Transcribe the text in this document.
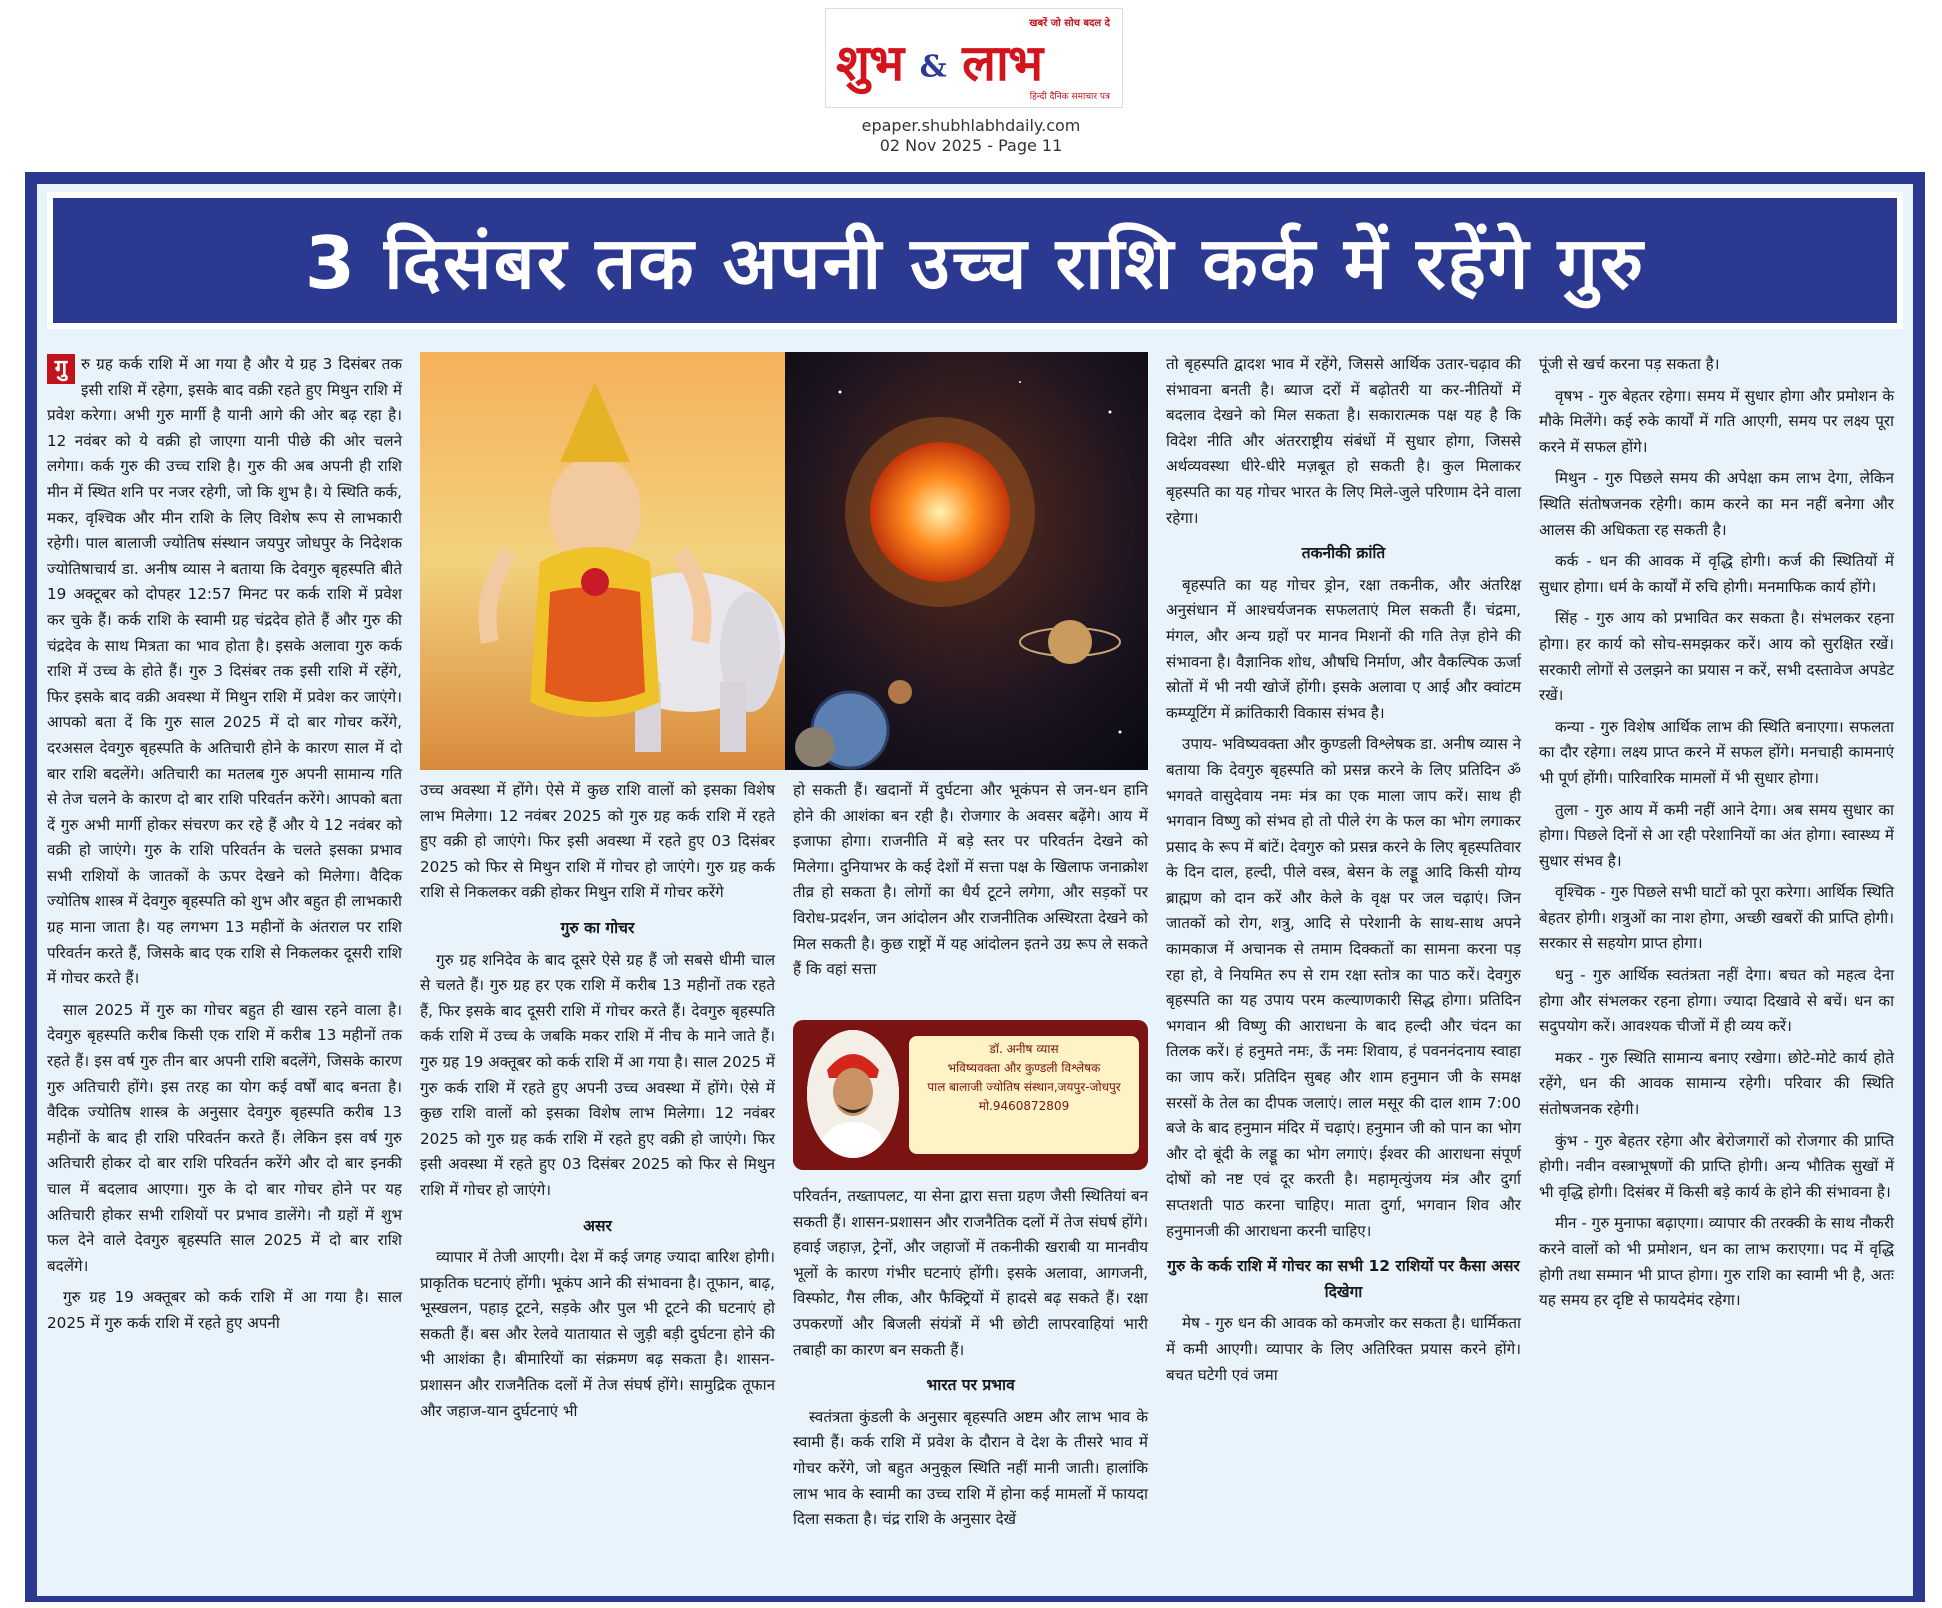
खबरें जो सोच बदल दे
शुभ & लाभ
हिन्दी दैनिक समाचार पत्र
epaper.shubhlabhdaily.com
02 Nov 2025 - Page 11
3 दिसंबर तक अपनी उच्च राशि कर्क में रहेंगे गुरु

गु रु ग्रह कर्क राशि में आ गया है और ये ग्रह 3 दिसंबर तक इसी राशि में रहेगा, इसके बाद वक्री रहते हुए मिथुन राशि में प्रवेश करेगा। अभी गुरु मार्गी है यानी आगे की ओर बढ़ रहा है। 12 नवंबर को ये वक्री हो जाएगा यानी पीछे की ओर चलने लगेगा। कर्क गुरु की उच्च राशि है। गुरु की अब अपनी ही राशि मीन में स्थित शनि पर नजर रहेगी, जो कि शुभ है। ये स्थिति कर्क, मकर, वृश्चिक और मीन राशि के लिए विशेष रूप से लाभकारी रहेगी। पाल बालाजी ज्योतिष संस्थान जयपुर जोधपुर के निदेशक ज्योतिषाचार्य डा. अनीष व्यास ने बताया कि देवगुरु बृहस्पति बीते 19 अक्टूबर को दोपहर 12:57 मिनट पर कर्क राशि में प्रवेश कर चुके हैं। कर्क राशि के स्वामी ग्रह चंद्रदेव होते हैं और गुरु की चंद्रदेव के साथ मित्रता का भाव होता है। इसके अलावा गुरु कर्क राशि में उच्च के होते हैं। गुरु 3 दिसंबर तक इसी राशि में रहेंगे, फिर इसके बाद वक्री अवस्था में मिथुन राशि में प्रवेश कर जाएंगे। आपको बता दें कि गुरु साल 2025 में दो बार गोचर करेंगे, दरअसल देवगुरु बृहस्पति के अतिचारी होने के कारण साल में दो बार राशि बदलेंगे। अतिचारी का मतलब गुरु अपनी सामान्य गति से तेज चलने के कारण दो बार राशि परिवर्तन करेंगे। आपको बता दें गुरु अभी मार्गी होकर संचरण कर रहे हैं और ये 12 नवंबर को वक्री हो जाएंगे। गुरु के राशि परिवर्तन के चलते इसका प्रभाव सभी राशियों के जातकों के ऊपर देखने को मिलेगा। वैदिक ज्योतिष शास्त्र में देवगुरु बृहस्पति को शुभ और बहुत ही लाभकारी ग्रह माना जाता है। यह लगभग 13 महीनों के अंतराल पर राशि परिवर्तन करते हैं, जिसके बाद एक राशि से निकलकर दूसरी राशि में गोचर करते हैं।

साल 2025 में गुरु का गोचर बहुत ही खास रहने वाला है। देवगुरु बृहस्पति करीब किसी एक राशि में करीब 13 महीनों तक रहते हैं। इस वर्ष गुरु तीन बार अपनी राशि बदलेंगे, जिसके कारण गुरु अतिचारी होंगे। इस तरह का योग कई वर्षों बाद बनता है। वैदिक ज्योतिष शास्त्र के अनुसार देवगुरु बृहस्पति करीब 13 महीनों के बाद ही राशि परिवर्तन करते हैं। लेकिन इस वर्ष गुरु अतिचारी होकर दो बार राशि परिवर्तन करेंगे और दो बार इनकी चाल में बदलाव आएगा। गुरु के दो बार गोचर होने पर यह अतिचारी होकर सभी राशियों पर प्रभाव डालेंगे। नौ ग्रहों में शुभ फल देने वाले देवगुरु बृहस्पति साल 2025 में दो बार राशि बदलेंगे।

गुरु ग्रह 19 अक्तूबर को कर्क राशि में आ गया है। साल 2025 में गुरु कर्क राशि में रहते हुए अपनी

उच्च अवस्था में होंगे। ऐसे में कुछ राशि वालों को इसका विशेष लाभ मिलेगा। 12 नवंबर 2025 को गुरु ग्रह कर्क राशि में रहते हुए वक्री हो जाएंगे। फिर इसी अवस्था में रहते हुए 03 दिसंबर 2025 को फिर से मिथुन राशि में गोचर हो जाएंगे। गुरु ग्रह कर्क राशि से निकलकर वक्री होकर मिथुन राशि में गोचर करेंगे

गुरु का गोचर

गुरु ग्रह शनिदेव के बाद दूसरे ऐसे ग्रह हैं जो सबसे धीमी चाल से चलते हैं। गुरु ग्रह हर एक राशि में करीब 13 महीनों तक रहते हैं, फिर इसके बाद दूसरी राशि में गोचर करते हैं। देवगुरु बृहस्पति कर्क राशि में उच्च के जबकि मकर राशि में नीच के माने जाते हैं। गुरु ग्रह 19 अक्तूबर को कर्क राशि में आ गया है। साल 2025 में गुरु कर्क राशि में रहते हुए अपनी उच्च अवस्था में होंगे। ऐसे में कुछ राशि वालों को इसका विशेष लाभ मिलेगा। 12 नवंबर 2025 को गुरु ग्रह कर्क राशि में रहते हुए वक्री हो जाएंगे। फिर इसी अवस्था में रहते हुए 03 दिसंबर 2025 को फिर से मिथुन राशि में गोचर हो जाएंगे।

असर

व्यापार में तेजी आएगी। देश में कई जगह ज्यादा बारिश होगी। प्राकृतिक घटनाएं होंगी। भूकंप आने की संभावना है। तूफान, बाढ़, भूस्खलन, पहाड़ टूटने, सड़के और पुल भी टूटने की घटनाएं हो सकती हैं। बस और रेलवे यातायात से जुड़ी बड़ी दुर्घटना होने की भी आशंका है। बीमारियों का संक्रमण बढ़ सकता है। शासन-प्रशासन और राजनैतिक दलों में तेज संघर्ष होंगे। सामुद्रिक तूफान और जहाज-यान दुर्घटनाएं भी

हो सकती हैं। खदानों में दुर्घटना और भूकंपन से जन-धन हानि होने की आशंका बन रही है। रोजगार के अवसर बढ़ेंगे। आय में इजाफा होगा। राजनीति में बड़े स्तर पर परिवर्तन देखने को मिलेगा। दुनियाभर के कई देशों में सत्ता पक्ष के खिलाफ जनाक्रोश तीव्र हो सकता है। लोगों का धैर्य टूटने लगेगा, और सड़कों पर विरोध-प्रदर्शन, जन आंदोलन और राजनीतिक अस्थिरता देखने को मिल सकती है। कुछ राष्ट्रों में यह आंदोलन इतने उग्र रूप ले सकते हैं कि वहां सत्ता

डॉ. अनीष व्यास
भविष्यवक्ता और कुण्डली विश्लेषक
पाल बालाजी ज्योतिष संस्थान,जयपुर-जोधपुर
मो.9460872809

परिवर्तन, तख्तापलट, या सेना द्वारा सत्ता ग्रहण जैसी स्थितियां बन सकती हैं। शासन-प्रशासन और राजनैतिक दलों में तेज संघर्ष होंगे। हवाई जहाज़, ट्रेनों, और जहाजों में तकनीकी खराबी या मानवीय भूलों के कारण गंभीर घटनाएं होंगी। इसके अलावा, आगजनी, विस्फोट, गैस लीक, और फैक्ट्रियों में हादसे बढ़ सकते हैं। रक्षा उपकरणों और बिजली संयंत्रों में भी छोटी लापरवाहियां भारी तबाही का कारण बन सकती हैं।

भारत पर प्रभाव

स्वतंत्रता कुंडली के अनुसार बृहस्पति अष्टम और लाभ भाव के स्वामी हैं। कर्क राशि में प्रवेश के दौरान वे देश के तीसरे भाव में गोचर करेंगे, जो बहुत अनुकूल स्थिति नहीं मानी जाती। हालांकि लाभ भाव के स्वामी का उच्च राशि में होना कई मामलों में फायदा दिला सकता है। चंद्र राशि के अनुसार देखें

तो बृहस्पति द्वादश भाव में रहेंगे, जिससे आर्थिक उतार-चढ़ाव की संभावना बनती है। ब्याज दरों में बढ़ोतरी या कर-नीतियों में बदलाव देखने को मिल सकता है। सकारात्मक पक्ष यह है कि विदेश नीति और अंतरराष्ट्रीय संबंधों में सुधार होगा, जिससे अर्थव्यवस्था धीरे-धीरे मज़बूत हो सकती है। कुल मिलाकर बृहस्पति का यह गोचर भारत के लिए मिले-जुले परिणाम देने वाला रहेगा।

तकनीकी क्रांति

बृहस्पति का यह गोचर ड्रोन, रक्षा तकनीक, और अंतरिक्ष अनुसंधान में आश्चर्यजनक सफलताएं मिल सकती हैं। चंद्रमा, मंगल, और अन्य ग्रहों पर मानव मिशनों की गति तेज़ होने की संभावना है। वैज्ञानिक शोध, औषधि निर्माण, और वैकल्पिक ऊर्जा स्रोतों में भी नयी खोजें होंगी। इसके अलावा ए आई और क्वांटम कम्प्यूटिंग में क्रांतिकारी विकास संभव है।

उपाय- भविष्यवक्ता और कुण्डली विश्लेषक डा. अनीष व्यास ने बताया कि देवगुरु बृहस्पति को प्रसन्न करने के लिए प्रतिदिन ॐ भगवते वासुदेवाय नमः मंत्र का एक माला जाप करें। साथ ही भगवान विष्णु को संभव हो तो पीले रंग के फल का भोग लगाकर प्रसाद के रूप में बांटें। देवगुरु को प्रसन्न करने के लिए बृहस्पतिवार के दिन दाल, हल्दी, पीले वस्त्र, बेसन के लड्डू आदि किसी योग्य ब्राह्मण को दान करें और केले के वृक्ष पर जल चढ़ाएं। जिन जातकों को रोग, शत्रु, आदि से परेशानी के साथ-साथ अपने कामकाज में अचानक से तमाम दिक्कतों का सामना करना पड़ रहा हो, वे नियमित रुप से राम रक्षा स्तोत्र का पाठ करें। देवगुरु बृहस्पति का यह उपाय परम कल्याणकारी सिद्ध होगा। प्रतिदिन भगवान श्री विष्णु की आराधना के बाद हल्दी और चंदन का तिलक करें। हं हनुमते नमः, ऊँ नमः शिवाय, हं पवननंदनाय स्वाहा का जाप करें। प्रतिदिन सुबह और शाम हनुमान जी के समक्ष सरसों के तेल का दीपक जलाएं। लाल मसूर की दाल शाम 7:00 बजे के बाद हनुमान मंदिर में चढ़ाएं। हनुमान जी को पान का भोग और दो बूंदी के लड्डू का भोग लगाएं। ईश्वर की आराधना संपूर्ण दोषों को नष्ट एवं दूर करती है। महामृत्युंजय मंत्र और दुर्गा सप्तशती पाठ करना चाहिए। माता दुर्गा, भगवान शिव और हनुमानजी की आराधना करनी चाहिए।

गुरु के कर्क राशि में गोचर का सभी 12 राशियों पर कैसा असर दिखेगा

मेष - गुरु धन की आवक को कमजोर कर सकता है। धार्मिकता में कमी आएगी। व्यापार के लिए अतिरिक्त प्रयास करने होंगे। बचत घटेगी एवं जमा

पूंजी से खर्च करना पड़ सकता है।

वृषभ - गुरु बेहतर रहेगा। समय में सुधार होगा और प्रमोशन के मौके मिलेंगे। कई रुके कार्यों में गति आएगी, समय पर लक्ष्य पूरा करने में सफल होंगे।

मिथुन - गुरु पिछले समय की अपेक्षा कम लाभ देगा, लेकिन स्थिति संतोषजनक रहेगी। काम करने का मन नहीं बनेगा और आलस की अधिकता रह सकती है।

कर्क - धन की आवक में वृद्धि होगी। कर्ज की स्थितियों में सुधार होगा। धर्म के कार्यों में रुचि होगी। मनमाफिक कार्य होंगे।

सिंह - गुरु आय को प्रभावित कर सकता है। संभलकर रहना होगा। हर कार्य को सोच-समझकर करें। आय को सुरक्षित रखें। सरकारी लोगों से उलझने का प्रयास न करें, सभी दस्तावेज अपडेट रखें।

कन्या - गुरु विशेष आर्थिक लाभ की स्थिति बनाएगा। सफलता का दौर रहेगा। लक्ष्य प्राप्त करने में सफल होंगे। मनचाही कामनाएं भी पूर्ण होंगी। पारिवारिक मामलों में भी सुधार होगा।

तुला - गुरु आय में कमी नहीं आने देगा। अब समय सुधार का होगा। पिछले दिनों से आ रही परेशानियों का अंत होगा। स्वास्थ्य में सुधार संभव है।

वृश्चिक - गुरु पिछले सभी घाटों को पूरा करेगा। आर्थिक स्थिति बेहतर होगी। शत्रुओं का नाश होगा, अच्छी खबरों की प्राप्ति होगी। सरकार से सहयोग प्राप्त होगा।

धनु - गुरु आर्थिक स्वतंत्रता नहीं देगा। बचत को महत्व देना होगा और संभलकर रहना होगा। ज्यादा दिखावे से बचें। धन का सदुपयोग करें। आवश्यक चीजों में ही व्यय करें।

मकर - गुरु स्थिति सामान्य बनाए रखेगा। छोटे-मोटे कार्य होते रहेंगे, धन की आवक सामान्य रहेगी। परिवार की स्थिति संतोषजनक रहेगी।

कुंभ - गुरु बेहतर रहेगा और बेरोजगारों को रोजगार की प्राप्ति होगी। नवीन वस्त्राभूषणों की प्राप्ति होगी। अन्य भौतिक सुखों में भी वृद्धि होगी। दिसंबर में किसी बड़े कार्य के होने की संभावना है।

मीन - गुरु मुनाफा बढ़ाएगा। व्यापार की तरक्की के साथ नौकरी करने वालों को भी प्रमोशन, धन का लाभ कराएगा। पद में वृद्धि होगी तथा सम्मान भी प्राप्त होगा। गुरु राशि का स्वामी भी है, अतः यह समय हर दृष्टि से फायदेमंद रहेगा।
